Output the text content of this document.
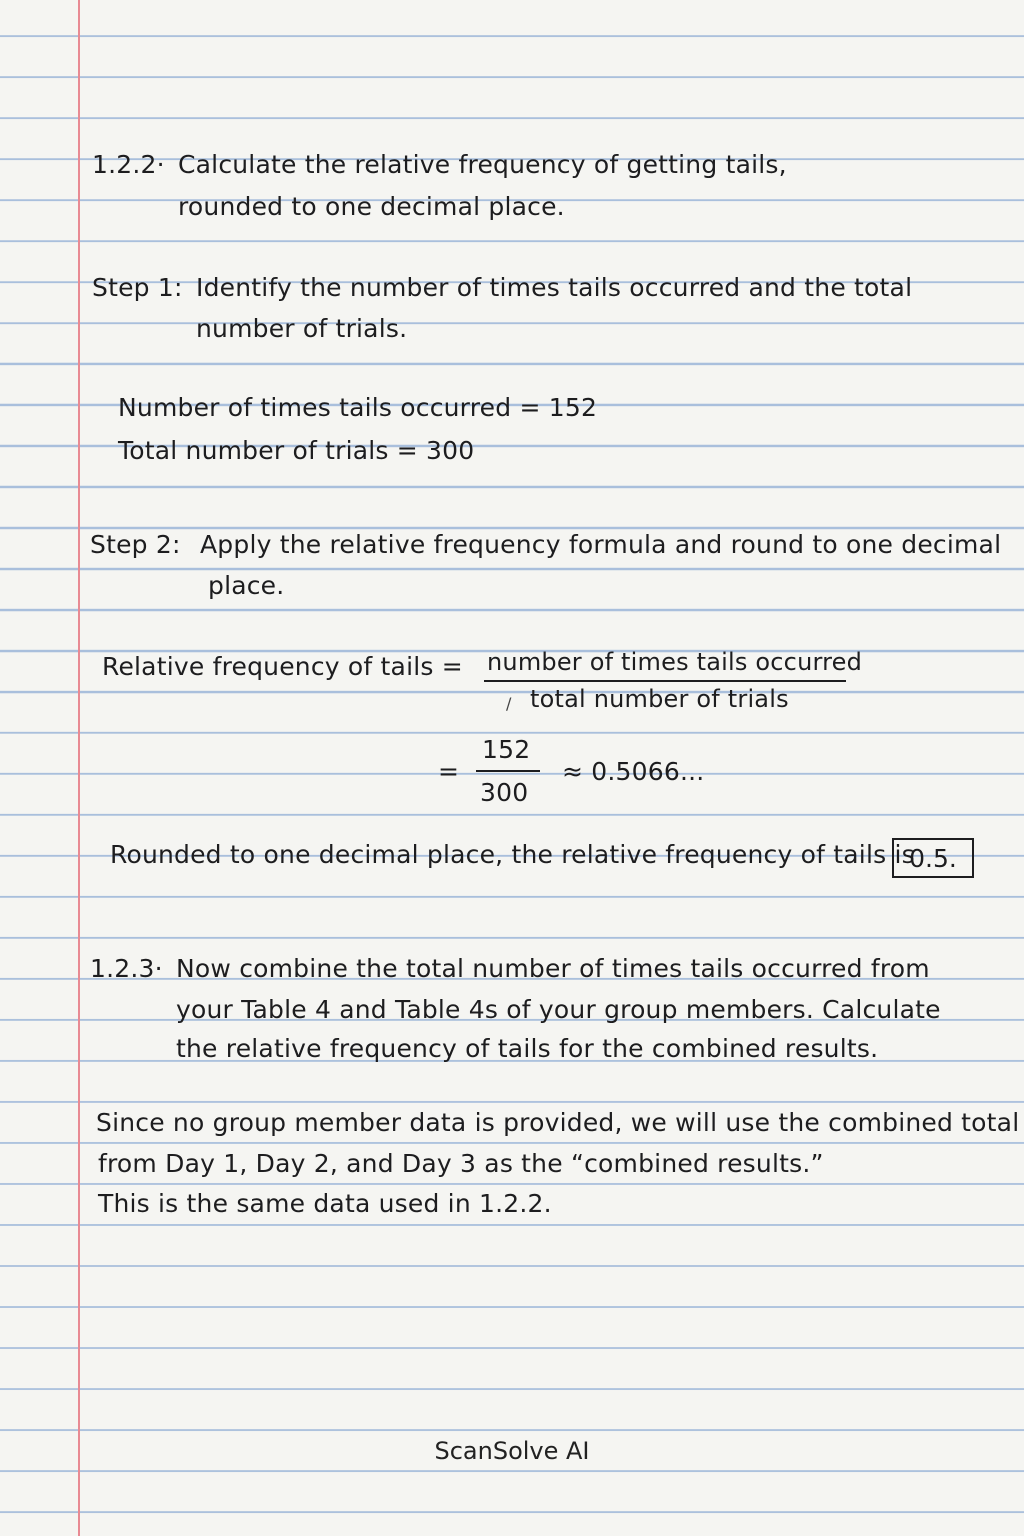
1.2.2· Calculate the relative frequency of getting tails,
rounded to one decimal place.
Step 1: Identify the number of times tails occurred and the total
number of trials.
Number of times tails occurred = 152
Total number of trials = 300
Step 2: Apply the relative frequency formula and round to one decimal
place.
Relative frequency of tails = number of times tails occurred
/ total number of trials
=
152
300
≈ 0.5066...
Rounded to one decimal place, the relative frequency of tails is
0.5.
1.2.3· Now combine the total number of times tails occurred from
your Table 4 and Table 4s of your group members. Calculate
the relative frequency of tails for the combined results.
Since no group member data is provided, we will use the combined total
from Day 1, Day 2, and Day 3 as the “combined results.”
This is the same data used in 1.2.2.
ScanSolve AI
